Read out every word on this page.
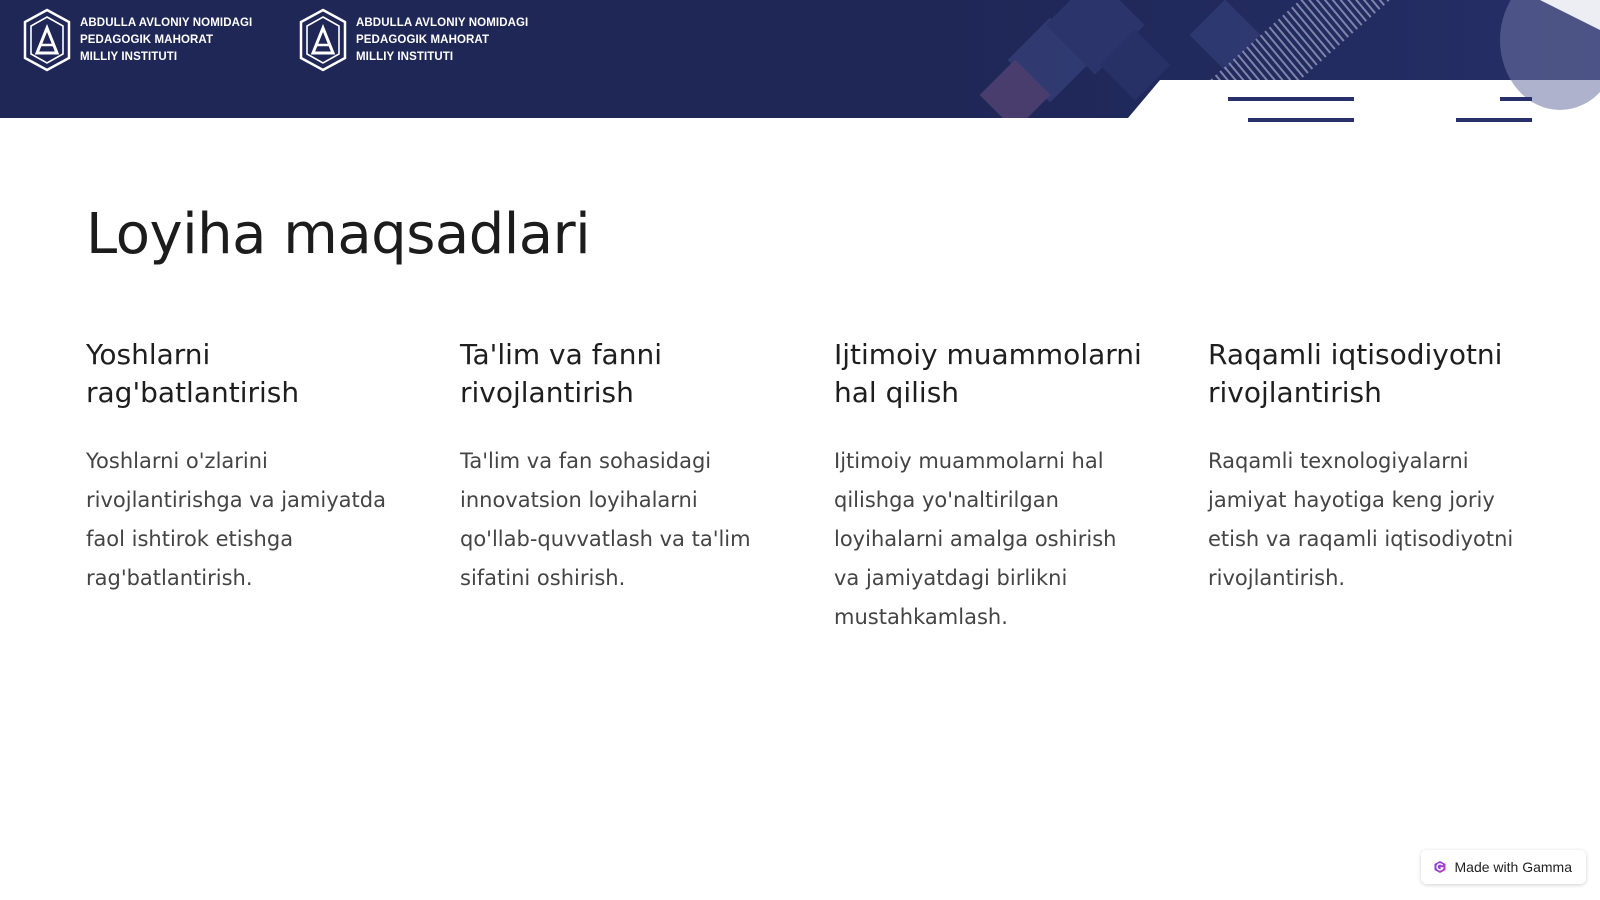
ABDULLA AVLONIY NOMIDAGI
PEDAGOGIK MAHORAT
MILLIY INSTITUTI
ABDULLA AVLONIY NOMIDAGI
PEDAGOGIK MAHORAT
MILLIY INSTITUTI
Loyiha maqsadlari
Yoshlarni rag'batlantirish
Yoshlarni o'zlarini rivojlantirishga va jamiyatda faol ishtirok etishga rag'batlantirish.
Ta'lim va fanni rivojlantirish
Ta'lim va fan sohasidagi innovatsion loyihalarni qo'llab-quvvatlash va ta'lim sifatini oshirish.
Ijtimoiy muammolarni hal qilish
Ijtimoiy muammolarni hal qilishga yo'naltirilgan loyihalarni amalga oshirish va jamiyatdagi birlikni mustahkamlash.
Raqamli iqtisodiyotni rivojlantirish
Raqamli texnologiyalarni jamiyat hayotiga keng joriy etish va raqamli iqtisodiyotni rivojlantirish.
Made with Gamma
